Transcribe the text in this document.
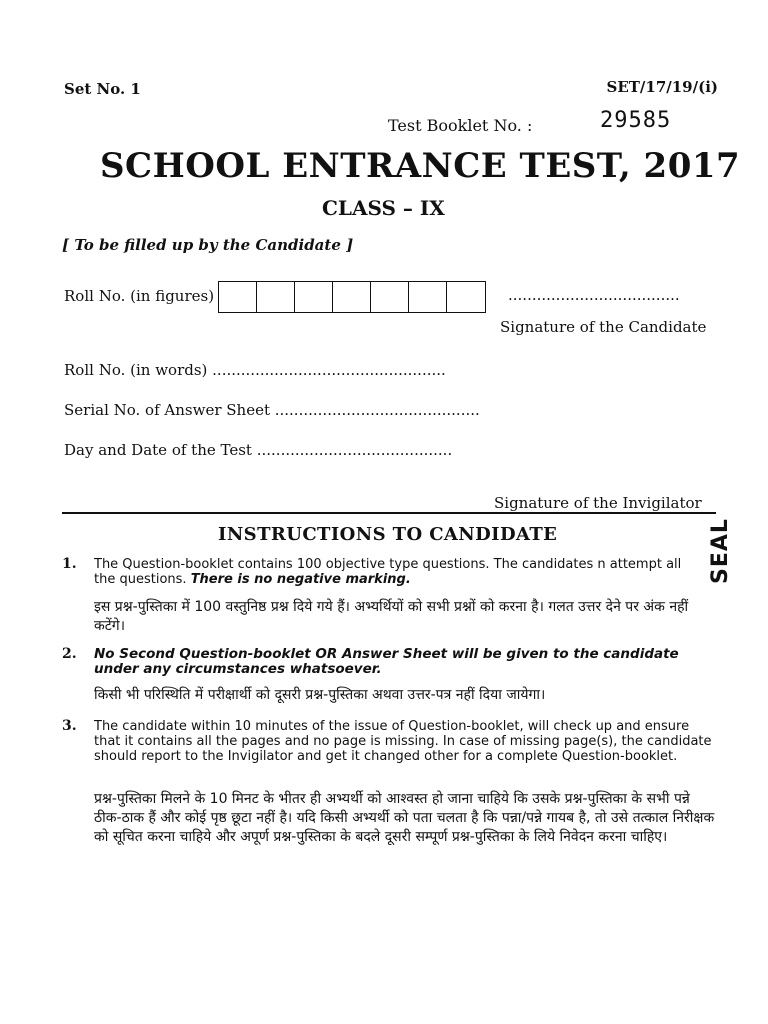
Set No. 1	SET/17/19/(i)
Test Booklet No. :	29585
SCHOOL ENTRANCE TEST, 2017
CLASS – IX
[ To be filled up by the Candidate ]
Roll No. (in figures)	....................................
Signature of the Candidate
Roll No. (in words) .................................................
Serial No. of Answer Sheet ...........................................
Day and Date of the Test .........................................
Signature of the Invigilator
INSTRUCTIONS TO CANDIDATE	SEAL
1. The Question-booklet contains 100 objective type questions. The candidates n attempt all the questions. There is no negative marking.
इस प्रश्न-पुस्तिका में 100 वस्तुनिष्ठ प्रश्न दिये गये हैं। अभ्यर्थियों को सभी प्रश्नों को करना है। गलत उत्तर देने पर अंक नहीं कटेंगे।
2. No Second Question-booklet OR Answer Sheet will be given to the candidate under any circumstances whatsoever.
किसी भी परिस्थिति में परीक्षार्थी को दूसरी प्रश्न-पुस्तिका अथवा उत्तर-पत्र नहीं दिया जायेगा।
3. The candidate within 10 minutes of the issue of Question-booklet, will check up and ensure that it contains all the pages and no page is missing. In case of missing page(s), the candidate should report to the Invigilator and get it changed other for a complete Question-booklet.
प्रश्न-पुस्तिका मिलने के 10 मिनट के भीतर ही अभ्यर्थी को आश्वस्त हो जाना चाहिये कि उसके प्रश्न-पुस्तिका के सभी पन्ने ठीक-ठाक हैं और कोई पृष्ठ छूटा नहीं है। यदि किसी अभ्यर्थी को पता चलता है कि पन्ना/पन्ने गायब है, तो उसे तत्काल निरीक्षक को सूचित करना चाहिये और अपूर्ण प्रश्न-पुस्तिका के बदले दूसरी सम्पूर्ण प्रश्न-पुस्तिका के लिये निवेदन करना चाहिए।
